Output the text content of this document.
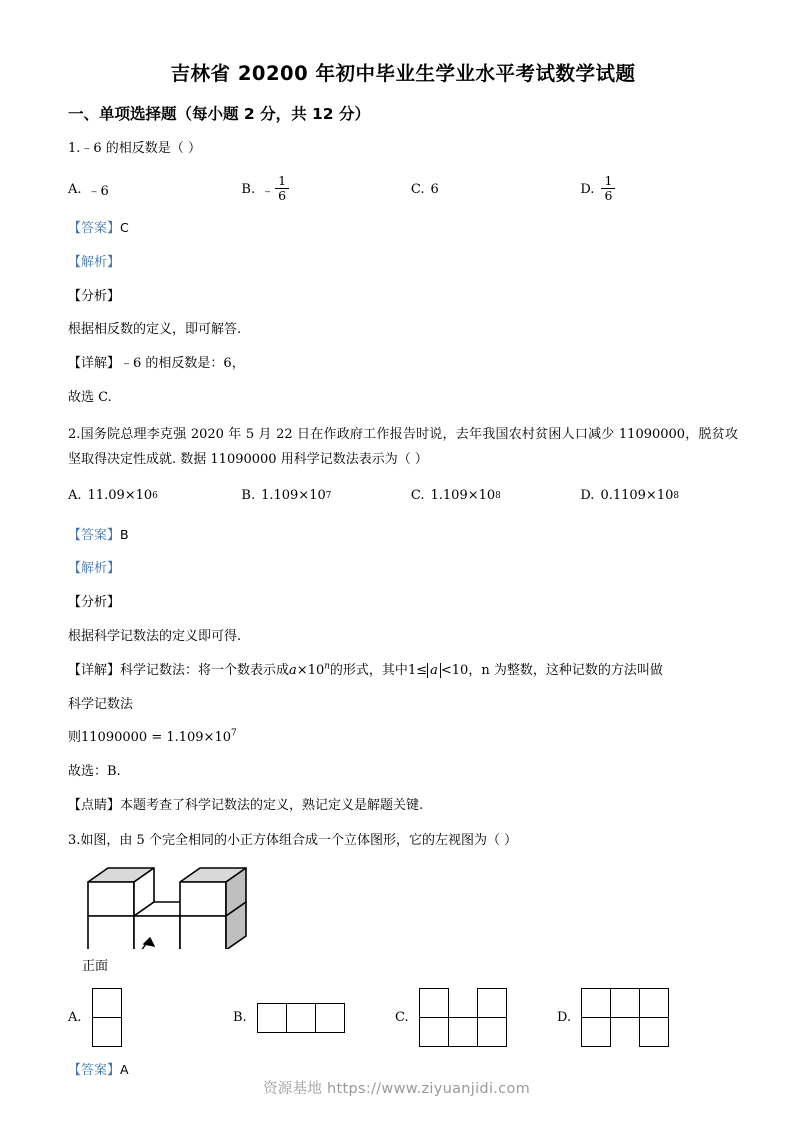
吉林省 20200 年初中毕业生学业水平考试数学试题
一、单项选择题（每小题 2 分，共 12 分）
1.﹣6 的相反数是（ ）
A. ﹣6	B. ﹣ $\frac{1}{6}$	C. 6	D. $\frac{1}{6}$
【答案】C
【解析】
【分析】
根据相反数的定义，即可解答.
【详解】﹣6 的相反数是：6，
故选 C.
2.国务院总理李克强 2020 年 5 月 22 日在作政府工作报告时说，去年我国农村贫困人口减少 11090000，脱贫攻坚取得决定性成就. 数据 11090000 用科学记数法表示为（ ）
A. 11.09×10 6	B. 1.109×10 7	C. 1.109×10 8	D. 0.1109×10 8
【答案】B
【解析】
【分析】
根据科学记数法的定义即可得.
【详解】科学记数法：将一个数表示成$a\times 10^n$的形式，其中1≤ a <10，n 为整数，这种记数的方法叫做
科学记数法
则$11090000 = 1.109\times 10^7$
故选：B.
【点睛】本题考查了科学记数法的定义，熟记定义是解题关键.
3.如图，由 5 个完全相同的小正方体组合成一个立体图形，它的左视图为（ ）
正面
A.	B.	C.	D.
【答案】A
资源基地 https://www.ziyuanjidi.com
